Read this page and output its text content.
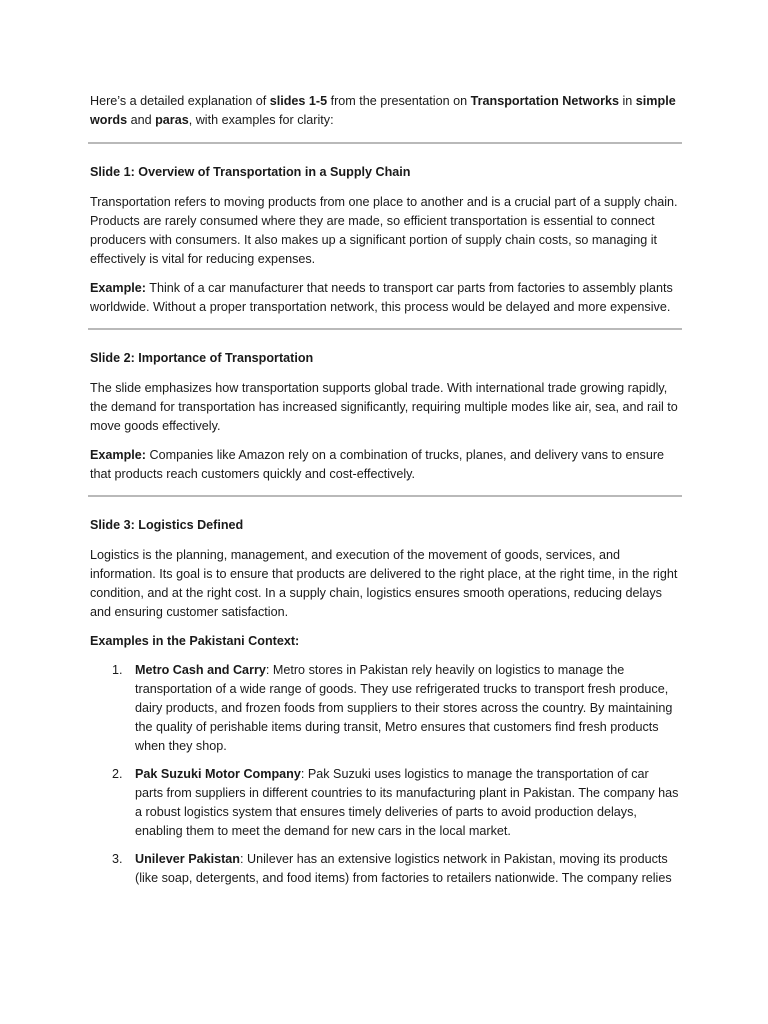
Here’s a detailed explanation of slides 1-5 from the presentation on Transportation Networks in simple words and paras, with examples for clarity:

Slide 1: Overview of Transportation in a Supply Chain

Transportation refers to moving products from one place to another and is a crucial part of a supply chain. Products are rarely consumed where they are made, so efficient transportation is essential to connect producers with consumers. It also makes up a significant portion of supply chain costs, so managing it effectively is vital for reducing expenses.

Example: Think of a car manufacturer that needs to transport car parts from factories to assembly plants worldwide. Without a proper transportation network, this process would be delayed and more expensive.

Slide 2: Importance of Transportation

The slide emphasizes how transportation supports global trade. With international trade growing rapidly, the demand for transportation has increased significantly, requiring multiple modes like air, sea, and rail to move goods effectively.

Example: Companies like Amazon rely on a combination of trucks, planes, and delivery vans to ensure that products reach customers quickly and cost-effectively.

Slide 3: Logistics Defined

Logistics is the planning, management, and execution of the movement of goods, services, and information. Its goal is to ensure that products are delivered to the right place, at the right time, in the right condition, and at the right cost. In a supply chain, logistics ensures smooth operations, reducing delays and ensuring customer satisfaction.

Examples in the Pakistani Context:

1. Metro Cash and Carry: Metro stores in Pakistan rely heavily on logistics to manage the transportation of a wide range of goods. They use refrigerated trucks to transport fresh produce, dairy products, and frozen foods from suppliers to their stores across the country. By maintaining the quality of perishable items during transit, Metro ensures that customers find fresh products when they shop.
2. Pak Suzuki Motor Company: Pak Suzuki uses logistics to manage the transportation of car parts from suppliers in different countries to its manufacturing plant in Pakistan. The company has a robust logistics system that ensures timely deliveries of parts to avoid production delays, enabling them to meet the demand for new cars in the local market.
3. Unilever Pakistan: Unilever has an extensive logistics network in Pakistan, moving its products (like soap, detergents, and food items) from factories to retailers nationwide. The company relies
